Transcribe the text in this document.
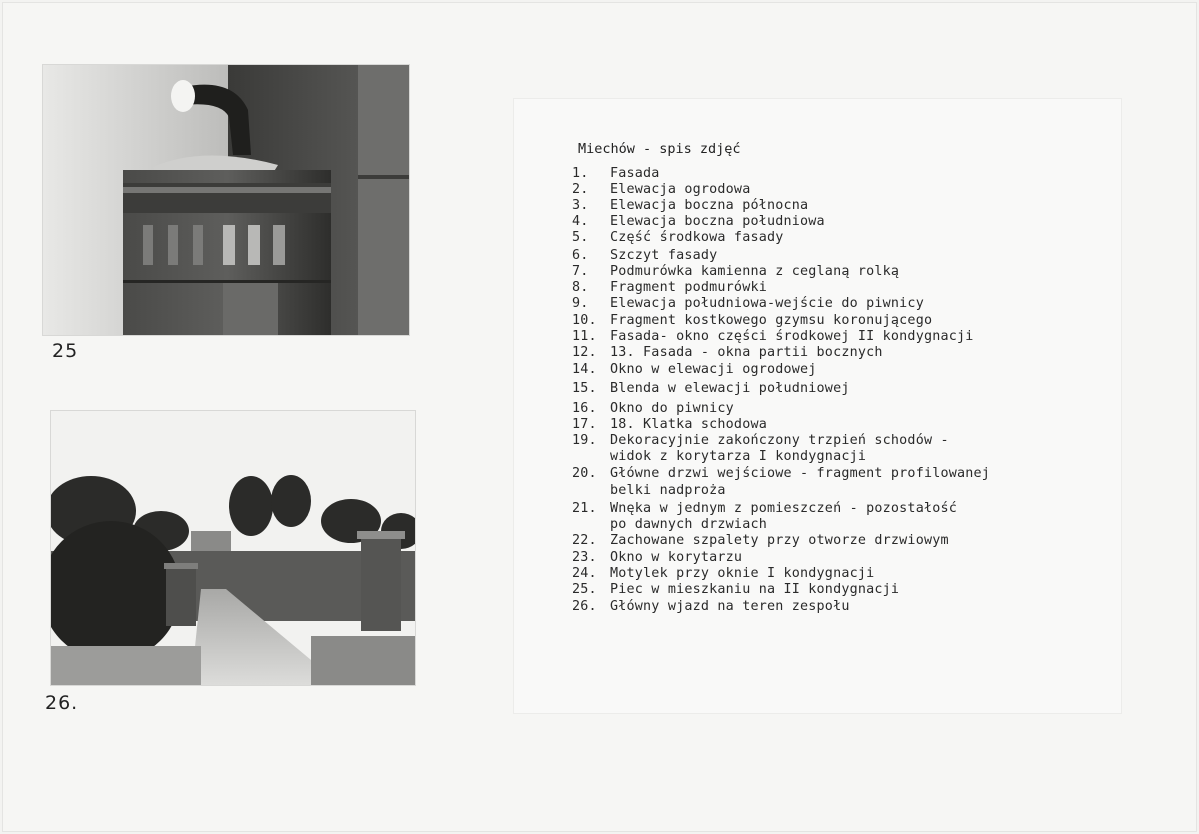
25
26.
Miechów - spis zdjęć
1. Fasada
2. Elewacja ogrodowa
3. Elewacja boczna północna
4. Elewacja boczna południowa
5. Część środkowa fasady
6. Szczyt fasady
7. Podmurówka kamienna z ceglaną rolką
8. Fragment podmurówki
9. Elewacja południowa-wejście do piwnicy
10. Fragment kostkowego gzymsu koronującego
11. Fasada- okno części środkowej II kondygnacji
12. 13. Fasada - okna partii bocznych
14. Okno w elewacji ogrodowej
15. Blenda w elewacji południowej
16. Okno do piwnicy
17. 18. Klatka schodowa
19. Dekoracyjnie zakończony trzpień schodów -
widok z korytarza I kondygnacji
20. Główne drzwi wejściowe - fragment profilowanej
belki nadproża
21. Wnęka w jednym z pomieszczeń - pozostałość
po dawnych drzwiach
22. Zachowane szpalety przy otworze drzwiowym
23. Okno w korytarzu
24. Motylek przy oknie I kondygnacji
25. Piec w mieszkaniu na II kondygnacji
26. Główny wjazd na teren zespołu
